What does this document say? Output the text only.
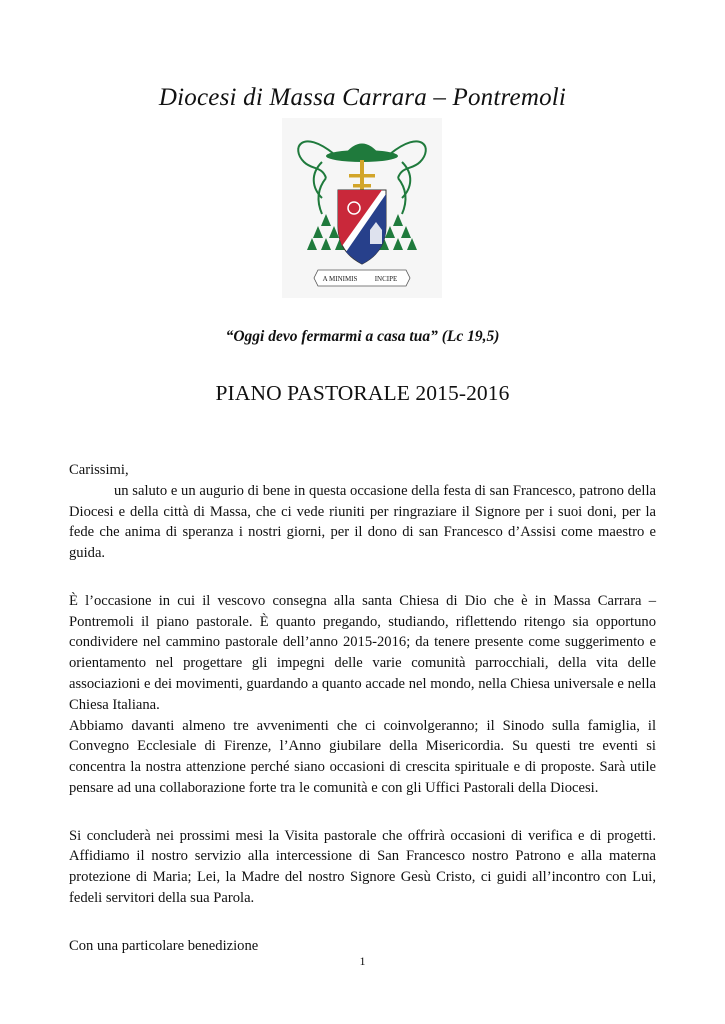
Diocesi di Massa Carrara – Pontremoli
A MINIMIS INCIPE
“Oggi devo fermarmi a casa tua” (Lc 19,5)
PIANO PASTORALE 2015-2016

Carissimi,

un saluto e un augurio di bene in questa occasione della festa di san Francesco, patrono della Diocesi e della città di Massa, che ci vede riuniti per ringraziare il Signore per i suoi doni, per la fede che anima di speranza i nostri giorni, per il dono di san Francesco d’Assisi come maestro e guida.

È l’occasione in cui il vescovo consegna alla santa Chiesa di Dio che è in Massa Carrara – Pontremoli il piano pastorale. È quanto pregando, studiando, riflettendo ritengo sia opportuno condividere nel cammino pastorale dell’anno 2015-2016; da tenere presente come suggerimento e orientamento nel progettare gli impegni delle varie comunità parrocchiali, della vita delle associazioni e dei movimenti, guardando a quanto accade nel mondo, nella Chiesa universale e nella Chiesa Italiana.

Abbiamo davanti almeno tre avvenimenti che ci coinvolgeranno; il Sinodo sulla famiglia, il Convegno Ecclesiale di Firenze, l’Anno giubilare della Misericordia. Su questi tre eventi si concentra la nostra attenzione perché siano occasioni di crescita spirituale e di proposte. Sarà utile pensare ad una collaborazione forte tra le comunità e con gli Uffici Pastorali della Diocesi.

Si concluderà nei prossimi mesi la Visita pastorale che offrirà occasioni di verifica e di progetti. Affidiamo il nostro servizio alla intercessione di San Francesco nostro Patrono e alla materna protezione di Maria; Lei, la Madre del nostro Signore Gesù Cristo, ci guidi all’incontro con Lui, fedeli servitori della sua Parola.

Con una particolare benedizione

1
